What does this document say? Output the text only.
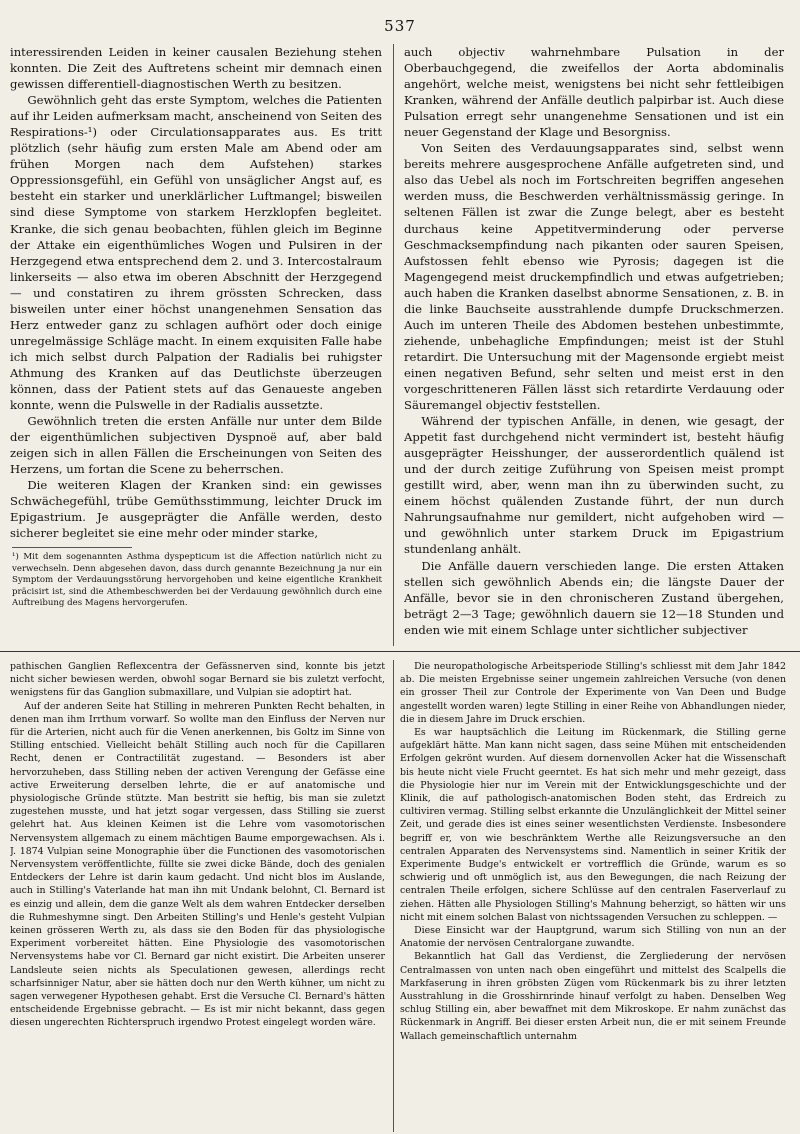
537

interessirenden Leiden in keiner causalen Beziehung stehen konnten. Die Zeit des Auftretens scheint mir demnach einen gewissen differentiell-diagnostischen Werth zu besitzen.

Gewöhnlich geht das erste Symptom, welches die Patienten auf ihr Leiden aufmerksam macht, anscheinend von Seiten des Respirations-¹) oder Circulationsapparates aus. Es tritt plötzlich (sehr häufig zum ersten Male am Abend oder am frühen Morgen nach dem Aufstehen) starkes Oppressionsgefühl, ein Gefühl von unsäglicher Angst auf, es besteht ein starker und unerklärlicher Luftmangel; bisweilen sind diese Symptome von starkem Herzklopfen begleitet. Kranke, die sich genau beobachten, fühlen gleich im Beginne der Attake ein eigenthümliches Wogen und Pulsiren in der Herzgegend etwa entsprechend dem 2. und 3. Intercostalraum linkerseits — also etwa im oberen Abschnitt der Herzgegend — und constatiren zu ihrem grössten Schrecken, dass bisweilen unter einer höchst unangenehmen Sensation das Herz entweder ganz zu schlagen aufhört oder doch einige unregelmässige Schläge macht. In einem exquisiten Falle habe ich mich selbst durch Palpation der Radialis bei ruhigster Athmung des Kranken auf das Deutlichste überzeugen können, dass der Patient stets auf das Genaueste angeben konnte, wenn die Pulswelle in der Radialis aussetzte.

Gewöhnlich treten die ersten Anfälle nur unter dem Bilde der eigenthümlichen subjectiven Dyspnoë auf, aber bald zeigen sich in allen Fällen die Erscheinungen von Seiten des Herzens, um fortan die Scene zu beherrschen.

Die weiteren Klagen der Kranken sind: ein gewisses Schwächegefühl, trübe Gemüthsstimmung, leichter Druck im Epigastrium. Je ausgeprägter die Anfälle werden, desto sicherer begleitet sie eine mehr oder minder starke,

¹) Mit dem sogenannten Asthma dyspepticum ist die Affection natürlich nicht zu verwechseln. Denn abgesehen davon, dass durch genannte Bezeichnung ja nur ein Symptom der Verdauungsstörung hervorgehoben und keine eigentliche Krankheit präcisirt ist, sind die Athembeschwerden bei der Verdauung gewöhnlich durch eine Auftreibung des Magens hervorgerufen.

auch objectiv wahrnehmbare Pulsation in der Oberbauchgegend, die zweifellos der Aorta abdominalis angehört, welche meist, wenigstens bei nicht sehr fettleibigen Kranken, während der Anfälle deutlich palpirbar ist. Auch diese Pulsation erregt sehr unangenehme Sensationen und ist ein neuer Gegenstand der Klage und Besorgniss.

Von Seiten des Verdauungsapparates sind, selbst wenn bereits mehrere ausgesprochene Anfälle aufgetreten sind, und also das Uebel als noch im Fortschreiten begriffen angesehen werden muss, die Beschwerden verhältnissmässig geringe. In seltenen Fällen ist zwar die Zunge belegt, aber es besteht durchaus keine Appetitverminderung oder perverse Geschmacksempfindung nach pikanten oder sauren Speisen, Aufstossen fehlt ebenso wie Pyrosis; dagegen ist die Magengegend meist druckempfindlich und etwas aufgetrieben; auch haben die Kranken daselbst abnorme Sensationen, z. B. in die linke Bauchseite ausstrahlende dumpfe Druckschmerzen. Auch im unteren Theile des Abdomen bestehen unbestimmte, ziehende, unbehagliche Empfindungen; meist ist der Stuhl retardirt. Die Untersuchung mit der Magensonde ergiebt meist einen negativen Befund, sehr selten und meist erst in den vorgeschritteneren Fällen lässt sich retardirte Verdauung oder Säuremangel objectiv feststellen.

Während der typischen Anfälle, in denen, wie gesagt, der Appetit fast durchgehend nicht vermindert ist, besteht häufig ausgeprägter Heisshunger, der ausserordentlich quälend ist und der durch zeitige Zuführung von Speisen meist prompt gestillt wird, aber, wenn man ihn zu überwinden sucht, zu einem höchst quälenden Zustande führt, der nun durch Nahrungsaufnahme nur gemildert, nicht aufgehoben wird — und gewöhnlich unter starkem Druck im Epigastrium stundenlang anhält.

Die Anfälle dauern verschieden lange. Die ersten Attaken stellen sich gewöhnlich Abends ein; die längste Dauer der Anfälle, bevor sie in den chronischeren Zustand übergehen, beträgt 2—3 Tage; gewöhnlich dauern sie 12—18 Stunden und enden wie mit einem Schlage unter sichtlicher subjectiver

pathischen Ganglien Reflexcentra der Gefässnerven sind, konnte bis jetzt nicht sicher bewiesen werden, obwohl sogar Bernard sie bis zuletzt verfocht, wenigstens für das Ganglion submaxillare, und Vulpian sie adoptirt hat.

Auf der anderen Seite hat Stilling in mehreren Punkten Recht behalten, in denen man ihm Irrthum vorwarf. So wollte man den Einfluss der Nerven nur für die Arterien, nicht auch für die Venen anerkennen, bis Goltz im Sinne von Stilling entschied. Vielleicht behält Stilling auch noch für die Capillaren Recht, denen er Contractilität zugestand. — Besonders ist aber hervorzuheben, dass Stilling neben der activen Verengung der Gefässe eine active Erweiterung derselben lehrte, die er auf anatomische und physiologische Gründe stützte. Man bestritt sie heftig, bis man sie zuletzt zugestehen musste, und hat jetzt sogar vergessen, dass Stilling sie zuerst gelehrt hat. Aus kleinen Keimen ist die Lehre vom vasomotorischen Nervensystem allgemach zu einem mächtigen Baume emporgewachsen. Als i. J. 1874 Vulpian seine Monographie über die Functionen des vasomotorischen Nervensystem veröffentlichte, füllte sie zwei dicke Bände, doch des genialen Entdeckers der Lehre ist darin kaum gedacht. Und nicht blos im Auslande, auch in Stilling's Vaterlande hat man ihn mit Undank belohnt, Cl. Bernard ist es einzig und allein, dem die ganze Welt als dem wahren Entdecker derselben die Ruhmeshymne singt. Den Arbeiten Stilling's und Henle's gesteht Vulpian keinen grösseren Werth zu, als dass sie den Boden für das physiologische Experiment vorbereitet hätten. Eine Physiologie des vasomotorischen Nervensystems habe vor Cl. Bernard gar nicht existirt. Die Arbeiten unserer Landsleute seien nichts als Speculationen gewesen, allerdings recht scharfsinniger Natur, aber sie hätten doch nur den Werth kühner, um nicht zu sagen verwegener Hypothesen gehabt. Erst die Versuche Cl. Bernard's hätten entscheidende Ergebnisse gebracht. — Es ist mir nicht bekannt, dass gegen diesen ungerechten Richterspruch irgendwo Protest eingelegt worden wäre.

Die neuropathologische Arbeitsperiode Stilling's schliesst mit dem Jahr 1842 ab. Die meisten Ergebnisse seiner ungemein zahlreichen Versuche (von denen ein grosser Theil zur Controle der Experimente von Van Deen und Budge angestellt worden waren) legte Stilling in einer Reihe von Abhandlungen nieder, die in diesem Jahre im Druck erschien.

Es war hauptsächlich die Leitung im Rückenmark, die Stilling gerne aufgeklärt hätte. Man kann nicht sagen, dass seine Mühen mit entscheidenden Erfolgen gekrönt wurden. Auf diesem dornenvollen Acker hat die Wissenschaft bis heute nicht viele Frucht geerntet. Es hat sich mehr und mehr gezeigt, dass die Physiologie hier nur im Verein mit der Entwicklungsgeschichte und der Klinik, die auf pathologisch-anatomischen Boden steht, das Erdreich zu cultiviren vermag. Stilling selbst erkannte die Unzulänglichkeit der Mittel seiner Zeit, und gerade dies ist eines seiner wesentlichsten Verdienste. Insbesondere begriff er, von wie beschränktem Werthe alle Reizungsversuche an den centralen Apparaten des Nervensystems sind. Namentlich in seiner Kritik der Experimente Budge's entwickelt er vortrefflich die Gründe, warum es so schwierig und oft unmöglich ist, aus den Bewegungen, die nach Reizung der centralen Theile erfolgen, sichere Schlüsse auf den centralen Faserverlauf zu ziehen. Hätten alle Physiologen Stilling's Mahnung beherzigt, so hätten wir uns nicht mit einem solchen Balast von nichtssagenden Versuchen zu schleppen. —

Diese Einsicht war der Hauptgrund, warum sich Stilling von nun an der Anatomie der nervösen Centralorgane zuwandte.

Bekanntlich hat Gall das Verdienst, die Zergliederung der nervösen Centralmassen von unten nach oben eingeführt und mittelst des Scalpells die Markfaserung in ihren gröbsten Zügen vom Rückenmark bis zu ihrer letzten Ausstrahlung in die Grosshirnrinde hinauf verfolgt zu haben. Denselben Weg schlug Stilling ein, aber bewaffnet mit dem Mikroskope. Er nahm zunächst das Rückenmark in Angriff. Bei dieser ersten Arbeit nun, die er mit seinem Freunde Wallach gemeinschaftlich unternahm
